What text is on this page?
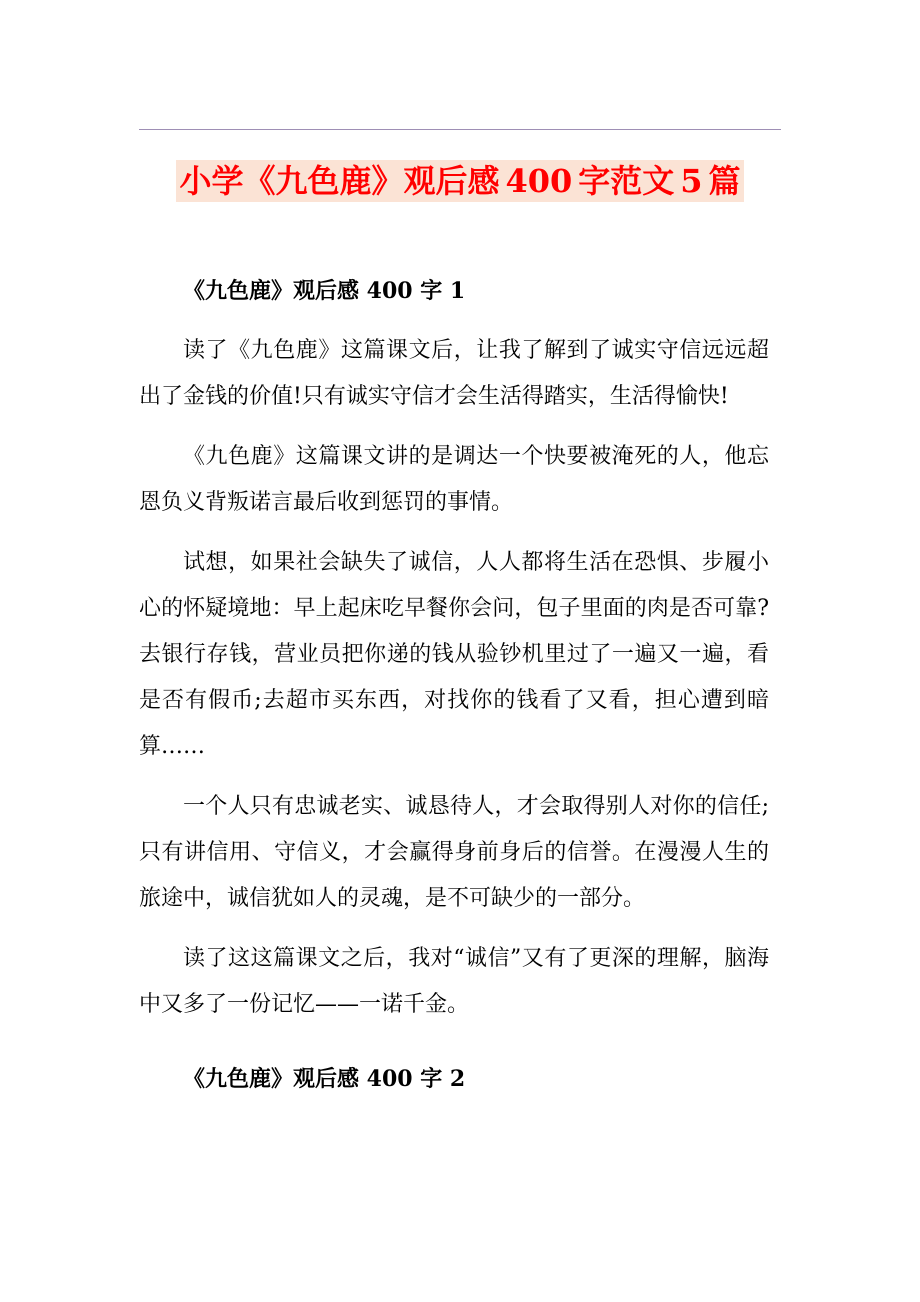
小学《九色鹿》观后感 400 字范文 5 篇
《九色鹿》观后感 400 字 1

读了《九色鹿》这篇课文后，让我了解到了诚实守信远远超出了金钱的价值!只有诚实守信才会生活得踏实，生活得愉快!

《九色鹿》这篇课文讲的是调达一个快要被淹死的人，他忘恩负义背叛诺言最后收到惩罚的事情。

试想，如果社会缺失了诚信，人人都将生活在恐惧、步履小心的怀疑境地：早上起床吃早餐你会问，包子里面的肉是否可靠?去银行存钱，营业员把你递的钱从验钞机里过了一遍又一遍，看是否有假币;去超市买东西，对找你的钱看了又看，担心遭到暗算……

一个人只有忠诚老实、诚恳待人，才会取得别人对你的信任;只有讲信用、守信义，才会赢得身前身后的信誉。在漫漫人生的旅途中，诚信犹如人的灵魂，是不可缺少的一部分。

读了这这篇课文之后，我对“诚信”又有了更深的理解，脑海中又多了一份记忆——一诺千金。

《九色鹿》观后感 400 字 2
